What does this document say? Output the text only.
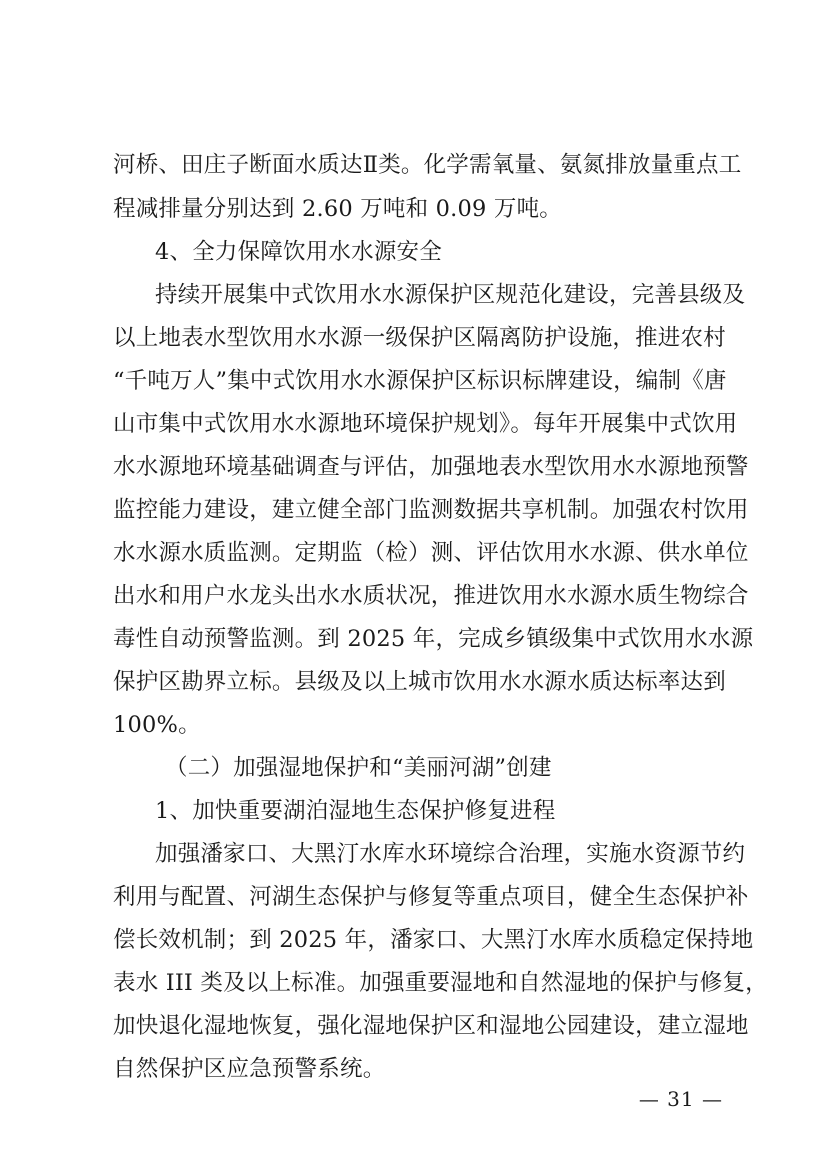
河桥、田庄子断面水质达Ⅱ类。化学需氧量、氨氮排放量重点工
程减排量分别达到 2.60 万吨和 0.09 万吨。
4、全力保障饮用水水源安全
持续开展集中式饮用水水源保护区规范化建设，完善县级及
以上地表水型饮用水水源一级保护区隔离防护设施，推进农村
“千吨万人”集中式饮用水水源保护区标识标牌建设，编制《唐
山市集中式饮用水水源地环境保护规划》。每年开展集中式饮用
水水源地环境基础调查与评估，加强地表水型饮用水水源地预警
监控能力建设，建立健全部门监测数据共享机制。加强农村饮用
水水源水质监测。定期监（检）测、评估饮用水水源、供水单位
出水和用户水龙头出水水质状况，推进饮用水水源水质生物综合
毒性自动预警监测。到 2025 年，完成乡镇级集中式饮用水水源
保护区勘界立标。县级及以上城市饮用水水源水质达标率达到
100%。
（二）加强湿地保护和“美丽河湖”创建
1、加快重要湖泊湿地生态保护修复进程
加强潘家口、大黑汀水库水环境综合治理，实施水资源节约
利用与配置、河湖生态保护与修复等重点项目，健全生态保护补
偿长效机制；到 2025 年，潘家口、大黑汀水库水质稳定保持地
表水 III 类及以上标准。加强重要湿地和自然湿地的保护与修复，
加快退化湿地恢复，强化湿地保护区和湿地公园建设，建立湿地
自然保护区应急预警系统。
— 31 —
